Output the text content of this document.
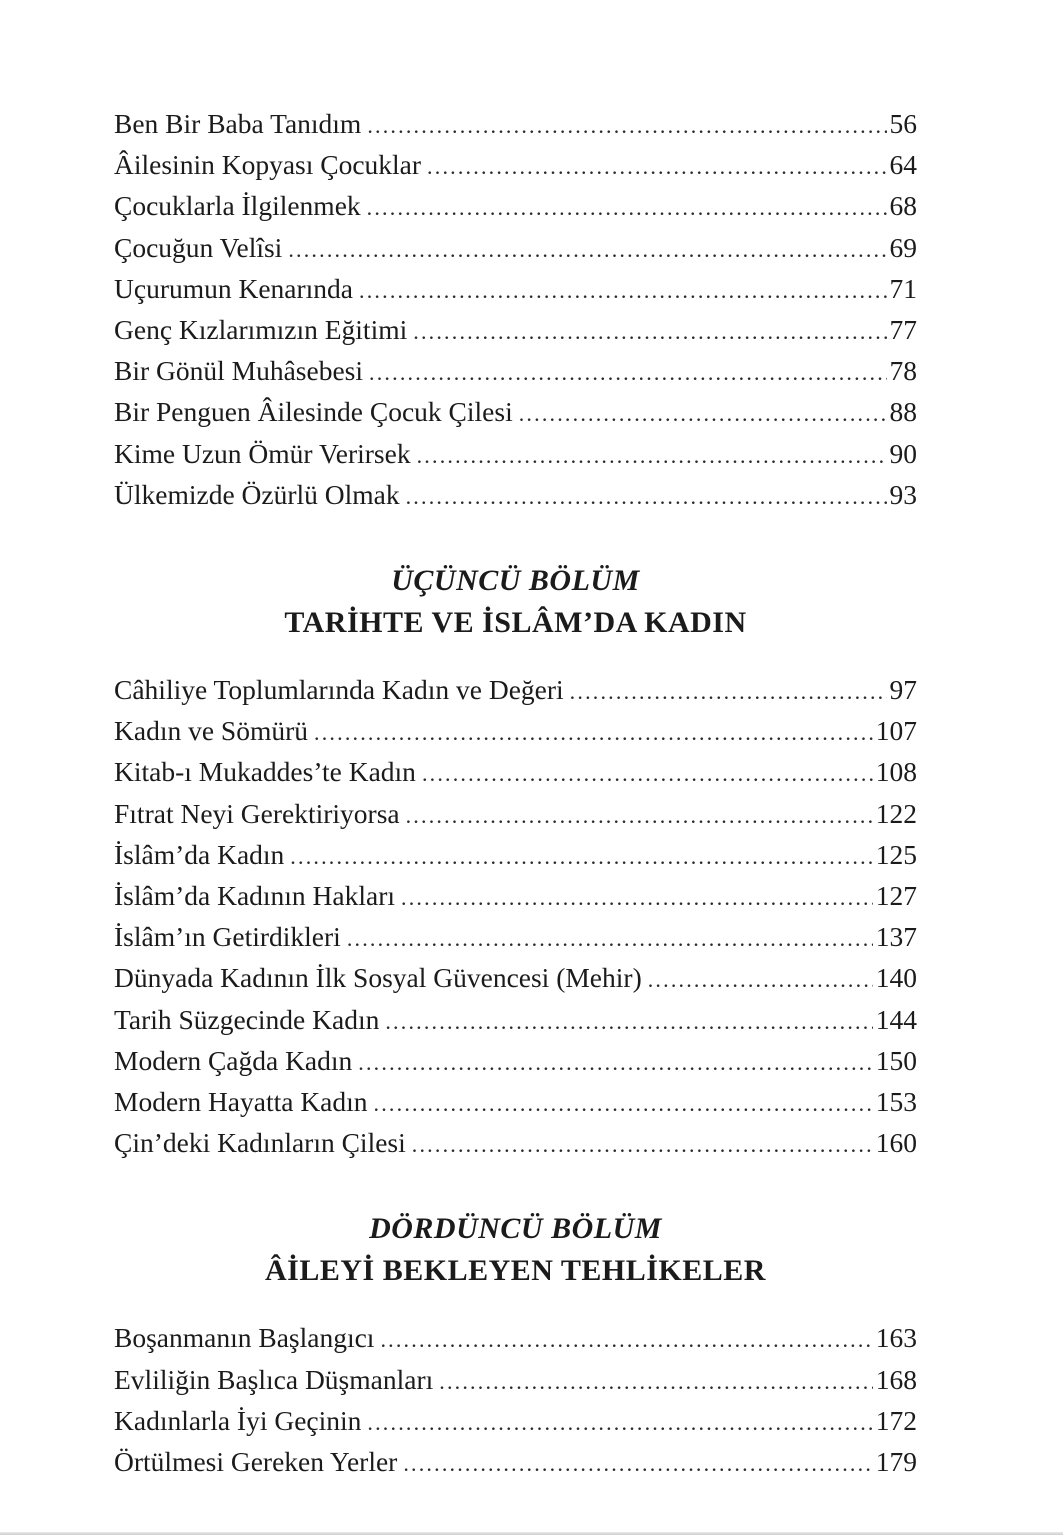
Ben Bir Baba Tanıdım .....	56
Âilesinin Kopyası Çocuklar .....	64
Çocuklarla İlgilenmek .....	68
Çocuğun Velîsi .....	69
Uçurumun Kenarında .....	71
Genç Kızlarımızın Eğitimi .....	77
Bir Gönül Muhâsebesi .....	78
Bir Penguen Âilesinde Çocuk Çilesi .....	88
Kime Uzun Ömür Verirsek .....	90
Ülkemizde Özürlü Olmak .....	93
ÜÇÜNCÜ BÖLÜM
TARİHTE VE İSLÂM’DA KADIN
Câhiliye Toplumlarında Kadın ve Değeri .....	97
Kadın ve Sömürü .....	107
Kitab-ı Mukaddes’te Kadın .....	108
Fıtrat Neyi Gerektiriyorsa .....	122
İslâm’da Kadın .....	125
İslâm’da Kadının Hakları .....	127
İslâm’ın Getirdikleri .....	137
Dünyada Kadının İlk Sosyal Güvencesi (Mehir) .....	140
Tarih Süzgecinde Kadın .....	144
Modern Çağda Kadın .....	150
Modern Hayatta Kadın .....	153
Çin’deki Kadınların Çilesi .....	160
DÖRDÜNCÜ BÖLÜM
ÂİLEYİ BEKLEYEN TEHLİKELER
Boşanmanın Başlangıcı .....	163
Evliliğin Başlıca Düşmanları .....	168
Kadınlarla İyi Geçinin .....	172
Örtülmesi Gereken Yerler .....	179
